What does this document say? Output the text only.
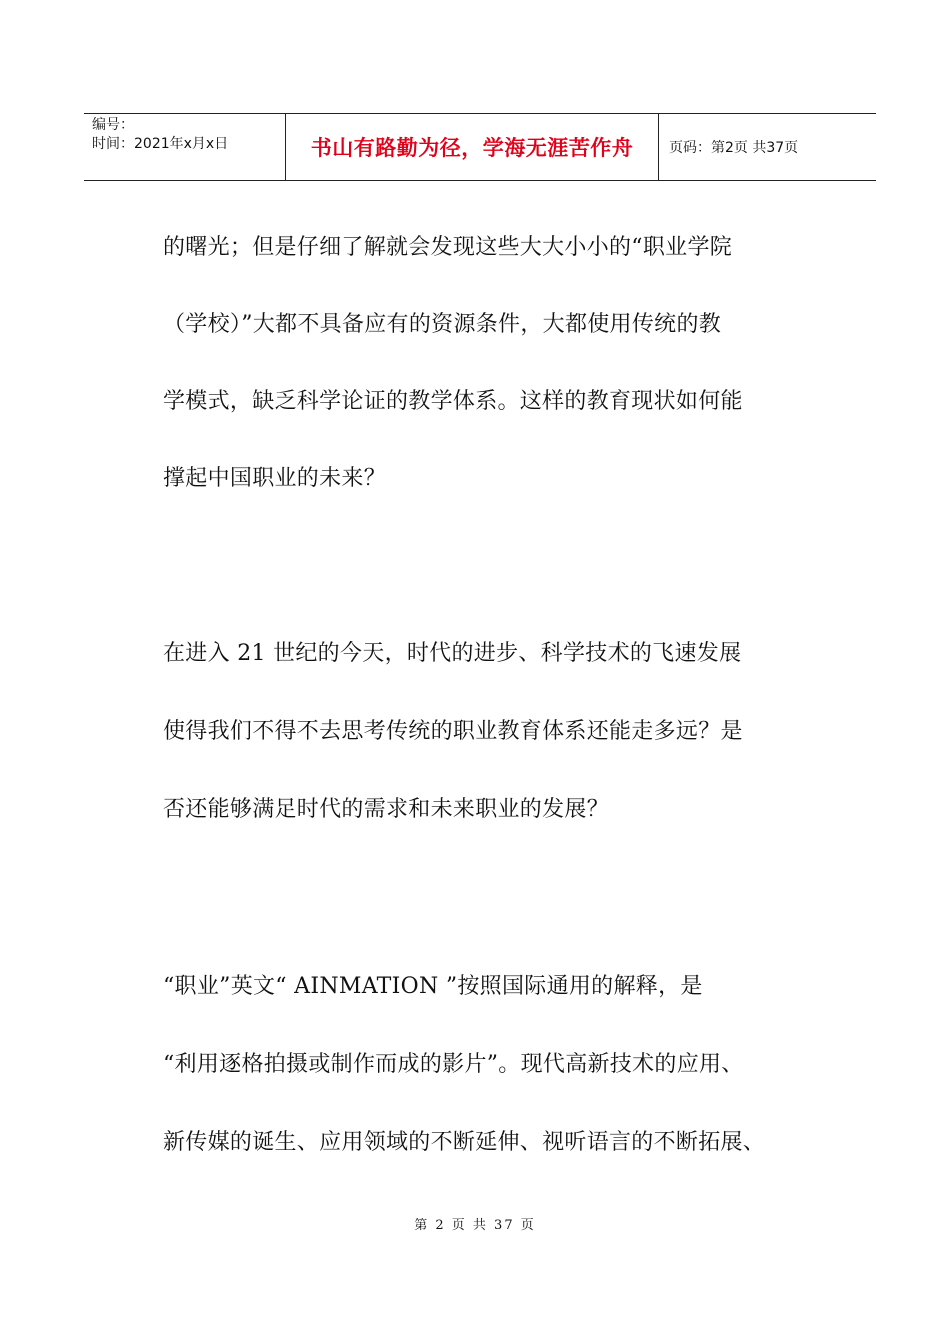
编号：
时间：2021年x月x日	书山有路勤为径，学海无涯苦作舟	页码：第2页 共37页
的曙光；但是仔细了解就会发现这些大大小小的“职业学院
（学校）”大都不具备应有的资源条件，大都使用传统的教
学模式，缺乏科学论证的教学体系。这样的教育现状如何能
撑起中国职业的未来？
在进入 21 世纪的今天，时代的进步、科学技术的飞速发展
使得我们不得不去思考传统的职业教育体系还能走多远？是
否还能够满足时代的需求和未来职业的发展？
“职业”英文“ AINMATION ”按照国际通用的解释，是
“利用逐格拍摄或制作而成的影片”。现代高新技术的应用、
新传媒的诞生、应用领域的不断延伸、视听语言的不断拓展、
第 2 页 共 37 页
